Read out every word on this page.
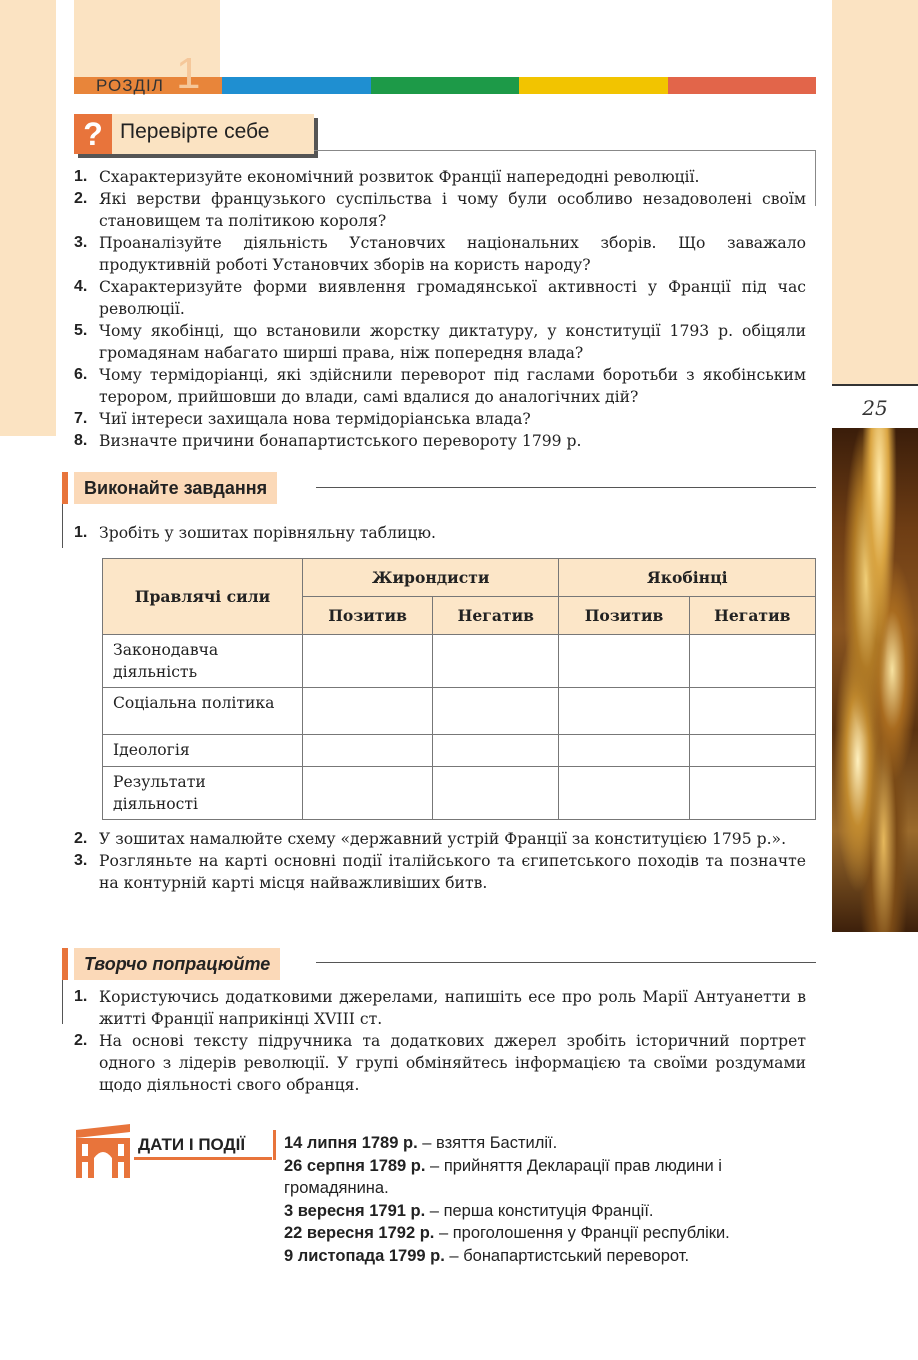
РОЗДІЛ 1
25
? Перевірте себе
1. Схарактеризуйте економічний розвиток Франції напередодні революції.
2. Які верстви французького суспільства і чому були особливо незадоволені своїм становищем та політикою короля?
3. Проаналізуйте діяльність Установчих національних зборів. Що заважало продуктивній роботі Установчих зборів на користь народу?
4. Схарактеризуйте форми виявлення громадянської активності у Франції під час революції.
5. Чому якобінці, що встановили жорстку диктатуру, у конституції 1793 р. обіцяли громадянам набагато ширші права, ніж попередня влада?
6. Чому термідоріанці, які здійснили переворот під гаслами боротьби з якобінським терором, прийшовши до влади, самі вдалися до аналогічних дій?
7. Чиї інтереси захищала нова термідоріанська влада?
8. Визначте причини бонапартистського перевороту 1799 р.
Виконайте завдання
1. Зробіть у зошитах порівняльну таблицю.
Правлячі сили	Жирондисти		Якобінці	
	Позитив	Негатив	Позитив	Негатив
Законодавча діяльність				
Соціальна політика				
Ідеологія				
Результати діяльності				
2. У зошитах намалюйте схему «державний устрій Франції за конституцією 1795 р.».
3. Розгляньте на карті основні події італійського та єгипетського походів та позначте на контурній карті місця найважливіших битв.
Творчо попрацюйте
1. Користуючись додатковими джерелами, напишіть есе про роль Марії Антуанетти в житті Франції наприкінці XVIII ст.
2. На основі тексту підручника та додаткових джерел зробіть історичний портрет одного з лідерів революції. У групі обміняйтесь інформацією та своїми роздумами щодо діяльності свого обранця.
ДАТИ І ПОДІЇ	14 липня 1789 р. – взяття Бастилії.
26 серпня 1789 р. – прийняття Декларації прав людини і громадянина.
3 вересня 1791 р. – перша конституція Франції.
22 вересня 1792 р. – проголошення у Франції республіки.
9 листопада 1799 р. – бонапартистський переворот.
